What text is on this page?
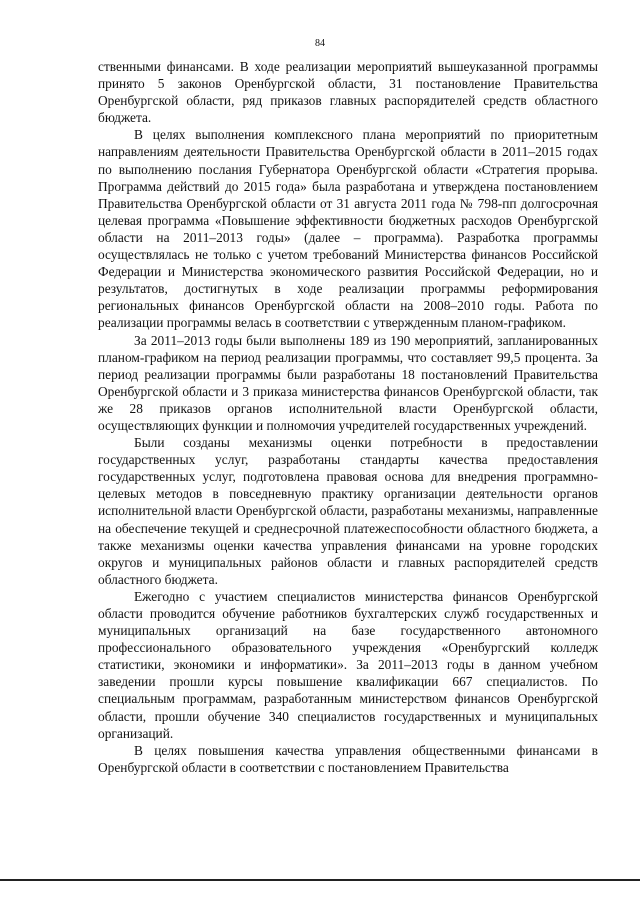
84

ственными финансами. В ходе реализации мероприятий вышеуказанной программы принято 5 законов Оренбургской области, 31 постановление Правительства Оренбургской области, ряд приказов главных распорядителей средств областного бюджета.

В целях выполнения комплексного плана мероприятий по приоритетным направлениям деятельности Правительства Оренбургской области в 2011–2015 годах по выполнению послания Губернатора Оренбургской области «Стратегия прорыва. Программа действий до 2015 года» была разработана и утверждена постановлением Правительства Оренбургской области от 31 августа 2011 года № 798-пп долгосрочная целевая программа «Повышение эффективности бюджетных расходов Оренбургской области на 2011–2013 годы» (далее – программа). Разработка программы осуществлялась не только с учетом требований Министерства финансов Российской Федерации и Министерства экономического развития Российской Федерации, но и результатов, достигнутых в ходе реализации программы реформирования региональных финансов Оренбургской области на 2008–2010 годы. Работа по реализации программы велась в соответствии с утвержденным планом-графиком.

За 2011–2013 годы были выполнены 189 из 190 мероприятий, запланированных планом-графиком на период реализации программы, что составляет 99,5 процента. За период реализации программы были разработаны 18 постановлений Правительства Оренбургской области и 3 приказа министерства финансов Оренбургской области, так же 28 приказов органов исполнительной власти Оренбургской области, осуществляющих функции и полномочия учредителей государственных учреждений.

Были созданы механизмы оценки потребности в предоставлении государственных услуг, разработаны стандарты качества предоставления государственных услуг, подготовлена правовая основа для внедрения программно-целевых методов в повседневную практику организации деятельности органов исполнительной власти Оренбургской области, разработаны механизмы, направленные на обеспечение текущей и среднесрочной платежеспособности областного бюджета, а также механизмы оценки качества управления финансами на уровне городских округов и муниципальных районов области и главных распорядителей средств областного бюджета.

Ежегодно с участием специалистов министерства финансов Оренбургской области проводится обучение работников бухгалтерских служб государственных и муниципальных организаций на базе государственного автономного профессионального образовательного учреждения «Оренбургский колледж статистики, экономики и информатики». За 2011–2013 годы в данном учебном заведении прошли курсы повышение квалификации 667 специалистов. По специальным программам, разработанным министерством финансов Оренбургской области, прошли обучение 340 специалистов государственных и муниципальных организаций.

В целях повышения качества управления общественными финансами в Оренбургской области в соответствии с постановлением Правительства
